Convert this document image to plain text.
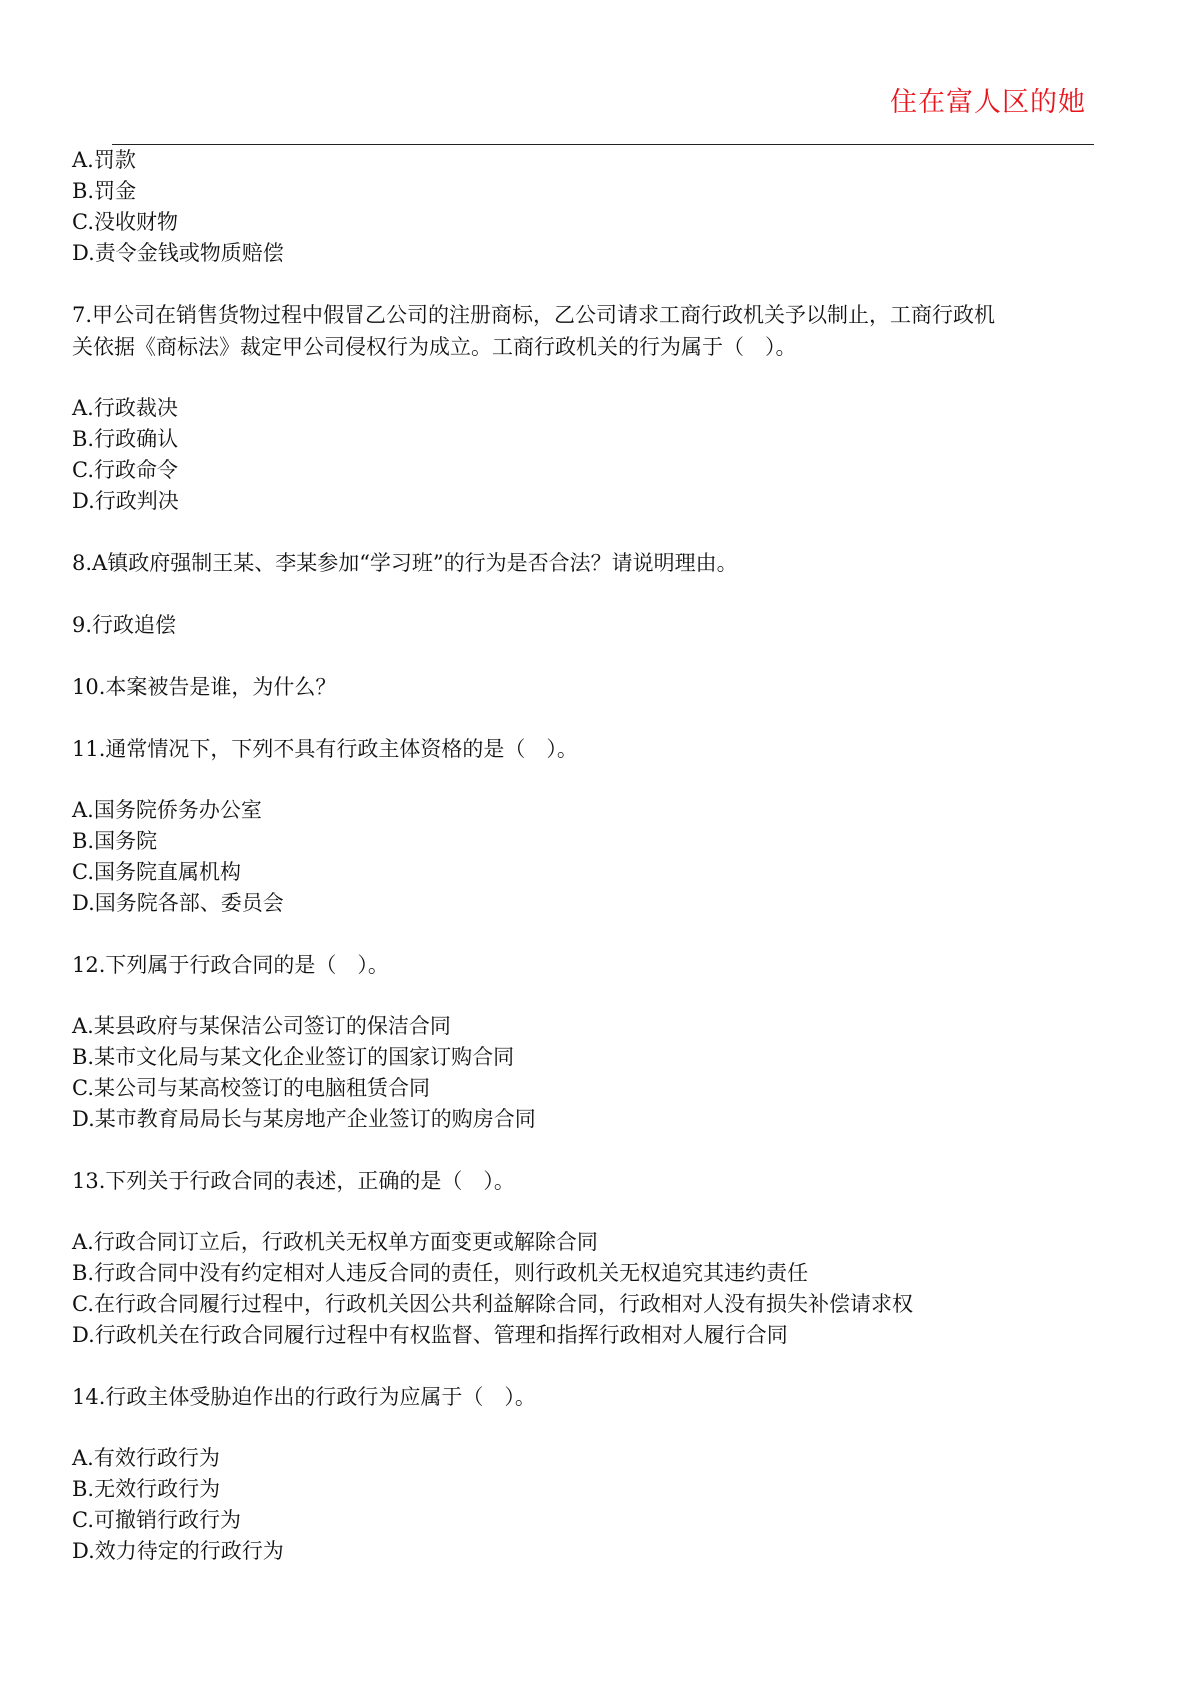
住在富人区的她
A.罚款
B.罚金
C.没收财物
D.责令金钱或物质赔偿
7.甲公司在销售货物过程中假冒乙公司的注册商标，乙公司请求工商行政机关予以制止，工商行政机
关依据《商标法》裁定甲公司侵权行为成立。工商行政机关的行为属于（　）。
A.行政裁决
B.行政确认
C.行政命令
D.行政判决
8.A镇政府强制王某、李某参加“学习班”的行为是否合法？请说明理由。
9.行政追偿
10.本案被告是谁，为什么？
11.通常情况下，下列不具有行政主体资格的是（　）。
A.国务院侨务办公室
B.国务院
C.国务院直属机构
D.国务院各部、委员会
12.下列属于行政合同的是（　）。
A.某县政府与某保洁公司签订的保洁合同
B.某市文化局与某文化企业签订的国家订购合同
C.某公司与某高校签订的电脑租赁合同
D.某市教育局局长与某房地产企业签订的购房合同
13.下列关于行政合同的表述，正确的是（　）。
A.行政合同订立后，行政机关无权单方面变更或解除合同
B.行政合同中没有约定相对人违反合同的责任，则行政机关无权追究其违约责任
C.在行政合同履行过程中，行政机关因公共利益解除合同，行政相对人没有损失补偿请求权
D.行政机关在行政合同履行过程中有权监督、管理和指挥行政相对人履行合同
14.行政主体受胁迫作出的行政行为应属于（　）。
A.有效行政行为
B.无效行政行为
C.可撤销行政行为
D.效力待定的行政行为
